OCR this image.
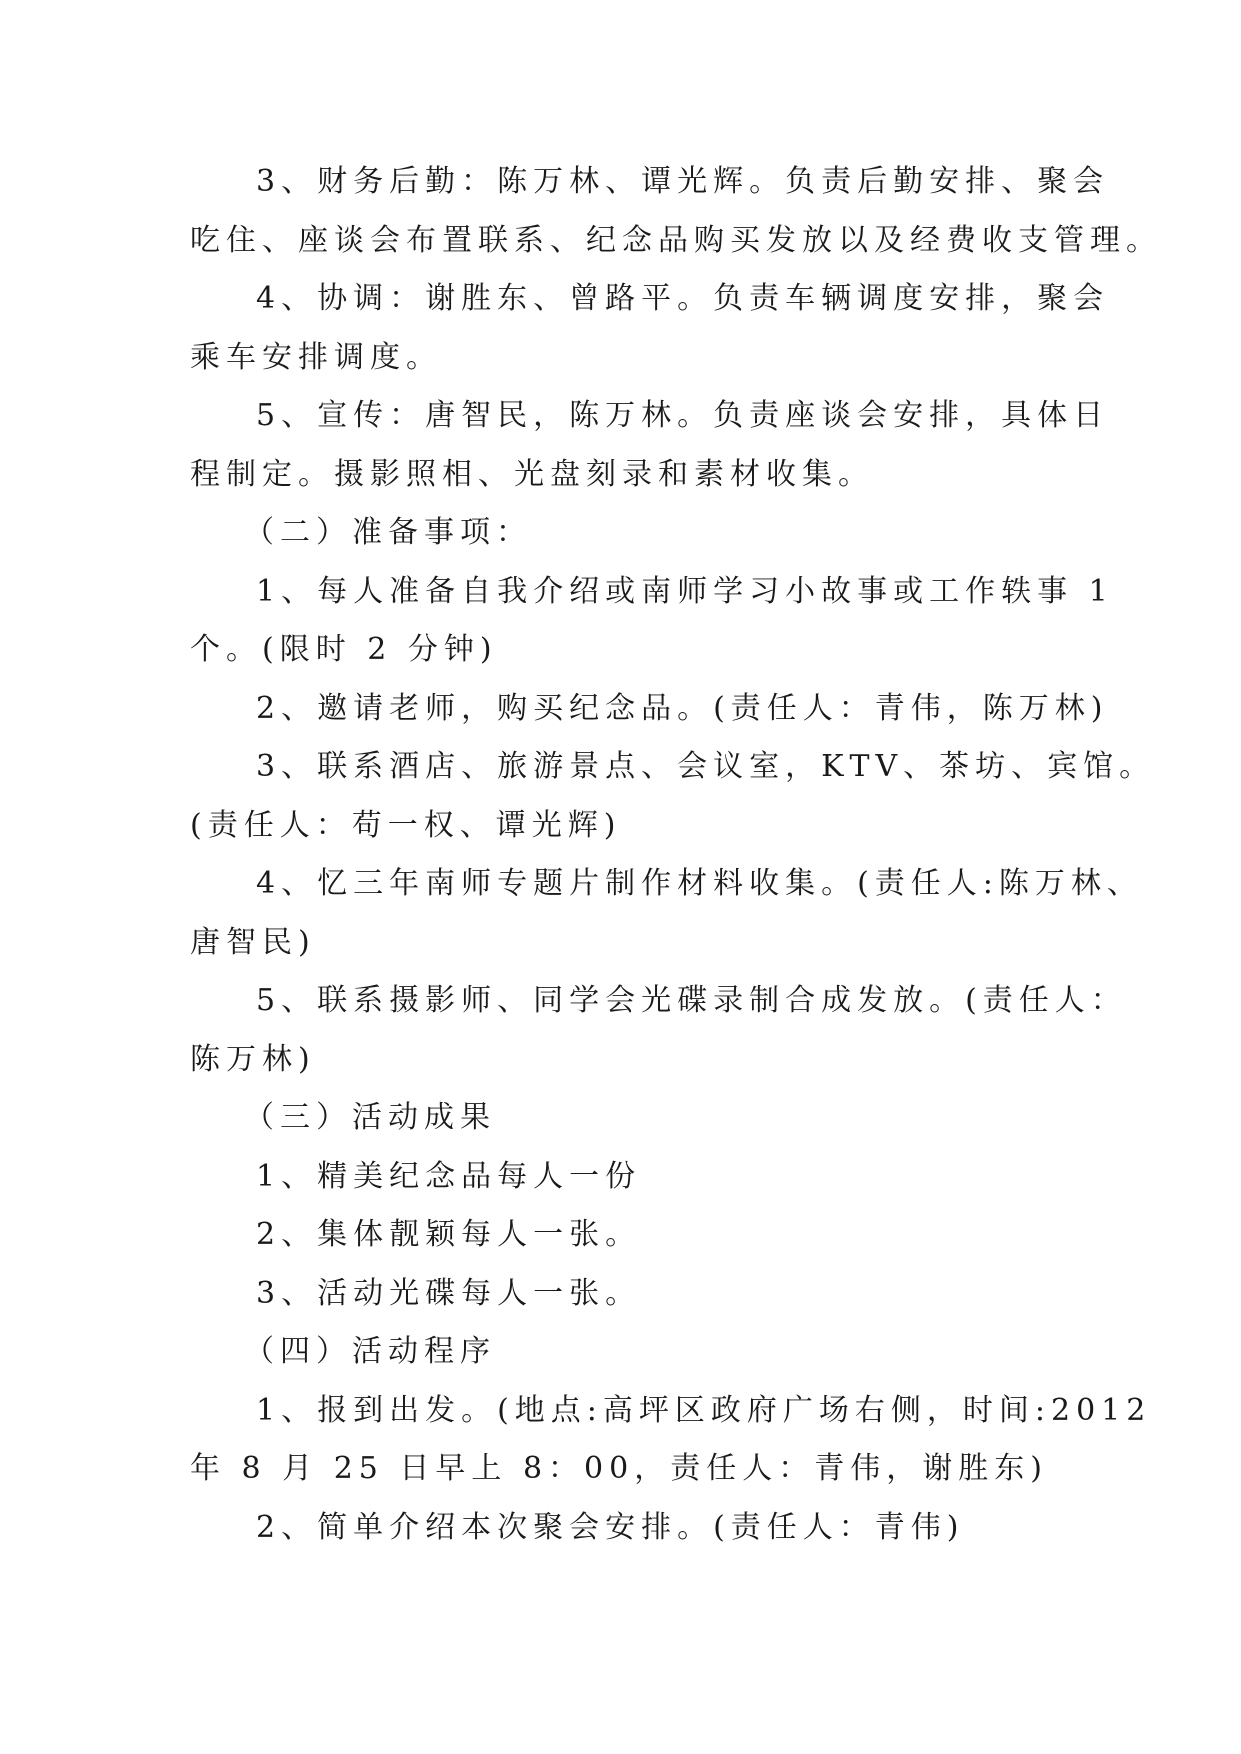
3、财务后勤：陈万林、谭光辉。负责后勤安排、聚会
吃住、座谈会布置联系、纪念品购买发放以及经费收支管理。
4、协调：谢胜东、曾路平。负责车辆调度安排，聚会
乘车安排调度。
5、宣传：唐智民，陈万林。负责座谈会安排，具体日
程制定。摄影照相、光盘刻录和素材收集。
（二）准备事项：
1、每人准备自我介绍或南师学习小故事或工作轶事 1
个。(限时 2 分钟)
2、邀请老师，购买纪念品。(责任人：青伟，陈万林)
3、联系酒店、旅游景点、会议室，KTV、茶坊、宾馆。
(责任人：苟一权、谭光辉)
4、忆三年南师专题片制作材料收集。(责任人:陈万林、
唐智民)
5、联系摄影师、同学会光碟录制合成发放。(责任人：
陈万林)
（三）活动成果
1、精美纪念品每人一份
2、集体靓颖每人一张。
3、活动光碟每人一张。
（四）活动程序
1、报到出发。(地点:高坪区政府广场右侧，时间:2012
年 8 月 25 日早上 8：00，责任人：青伟，谢胜东)
2、简单介绍本次聚会安排。(责任人：青伟)
